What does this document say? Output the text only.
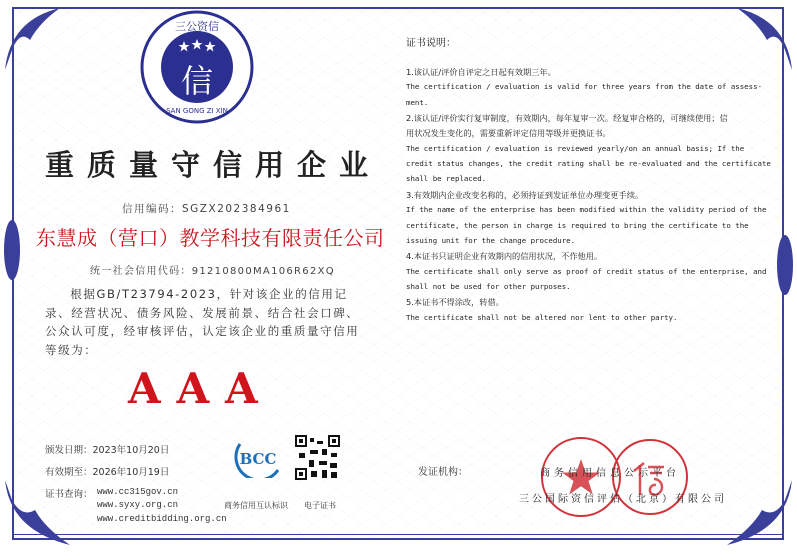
三公资信
SAN GONG ZI XIN
信
重质量守信用企业
信用编码：SGZX202384961
东慧成（营口）教学科技有限责任公司
统一社会信用代码：91210800MA106R62XQ
根据GB/T23794-2023，针对该企业的信用记录、经营状况、债务风险、发展前景、结合社会口碑、公众认可度，经审核评估，认定该企业的重质量守信用等级为：
AAA
颁发日期：2023年10月20日
有效期至：2026年10月19日
证书查询： www.cc315gov.cn
www.syxy.org.cn
www.creditbidding.org.cn
BCC
商务信用互认标识 电子证书
发证机构：	商务信用信息公示平台
三公国际资信评估（北京）有限公司
证书说明：
1.该认证/评价自评定之日起有效期三年。
The certification / evaluation is valid for three years from the date of assess-
ment.
2.该认证/评价实行复审制度，有效期内，每年复审一次。经复审合格的，可继续使用；信
用状况发生变化的，需要重新评定信用等级并更换证书。
The certification / evaluation is reviewed yearly/on an annual basis; If the
credit status changes, the credit rating shall be re-evaluated and the certificate
shall be replaced.
3.有效期内企业改变名称的，必须持证到发证单位办理变更手续。
If the name of the enterprise has been modified within the validity period of the
certificate, the person in charge is required to bring the certificate to the
issuing unit for the change procedure.
4.本证书只证明企业有效期内的信用状况，不作他用。
The certificate shall only serve as proof of credit status of the enterprise, and
shall not be used for other purposes.
5.本证书不得涂改，转借。
The certificate shall not be altered nor lent to other party.
